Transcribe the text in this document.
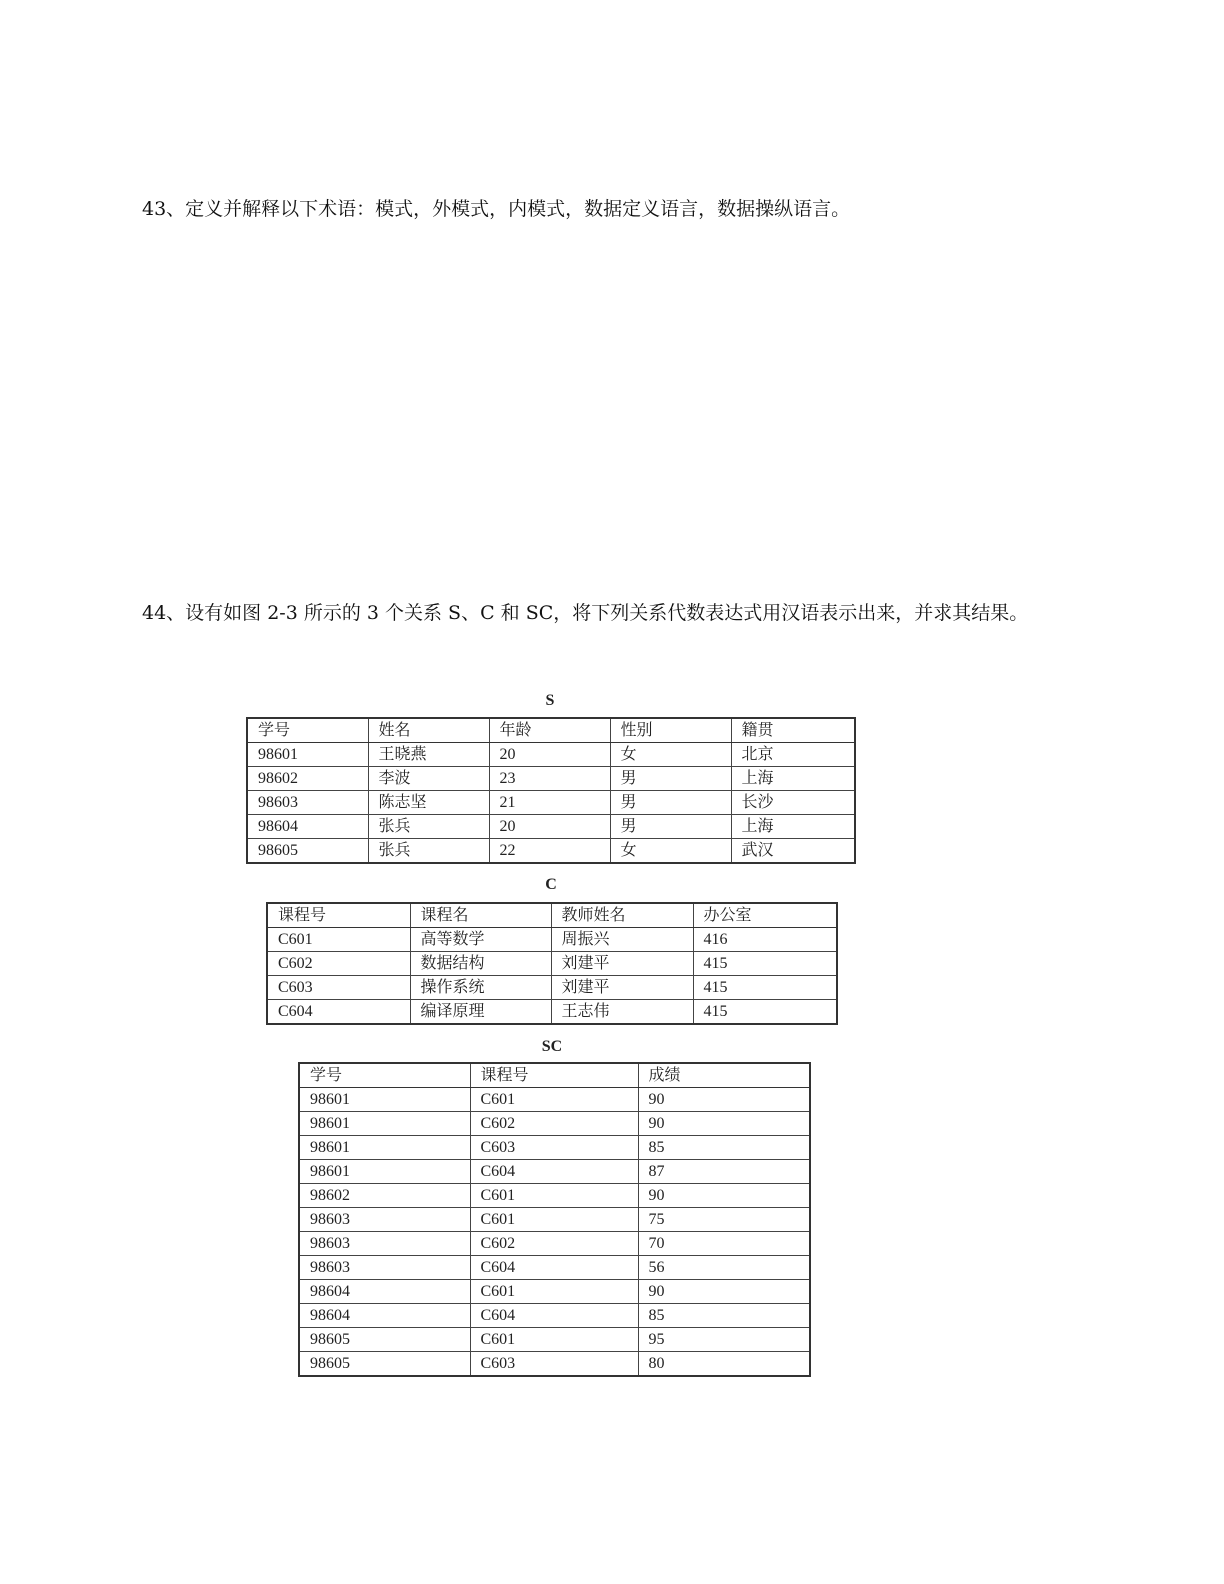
43、定义并解释以下术语：模式，外模式，内模式，数据定义语言，数据操纵语言。

44、设有如图 2-3 所示的 3 个关系 S、C 和 SC，将下列关系代数表达式用汉语表示出来，并求其结果。

S
学号	姓名	年龄	性别	籍贯
98601	王晓燕	20	女	北京
98602	李波	23	男	上海
98603	陈志坚	21	男	长沙
98604	张兵	20	男	上海
98605	张兵	22	女	武汉
C
课程号	课程名	教师姓名	办公室
C601	高等数学	周振兴	416
C602	数据结构	刘建平	415
C603	操作系统	刘建平	415
C604	编译原理	王志伟	415
SC
学号	课程号	成绩
98601	C601	90
98601	C602	90
98601	C603	85
98601	C604	87
98602	C601	90
98603	C601	75
98603	C602	70
98603	C604	56
98604	C601	90
98604	C604	85
98605	C601	95
98605	C603	80
